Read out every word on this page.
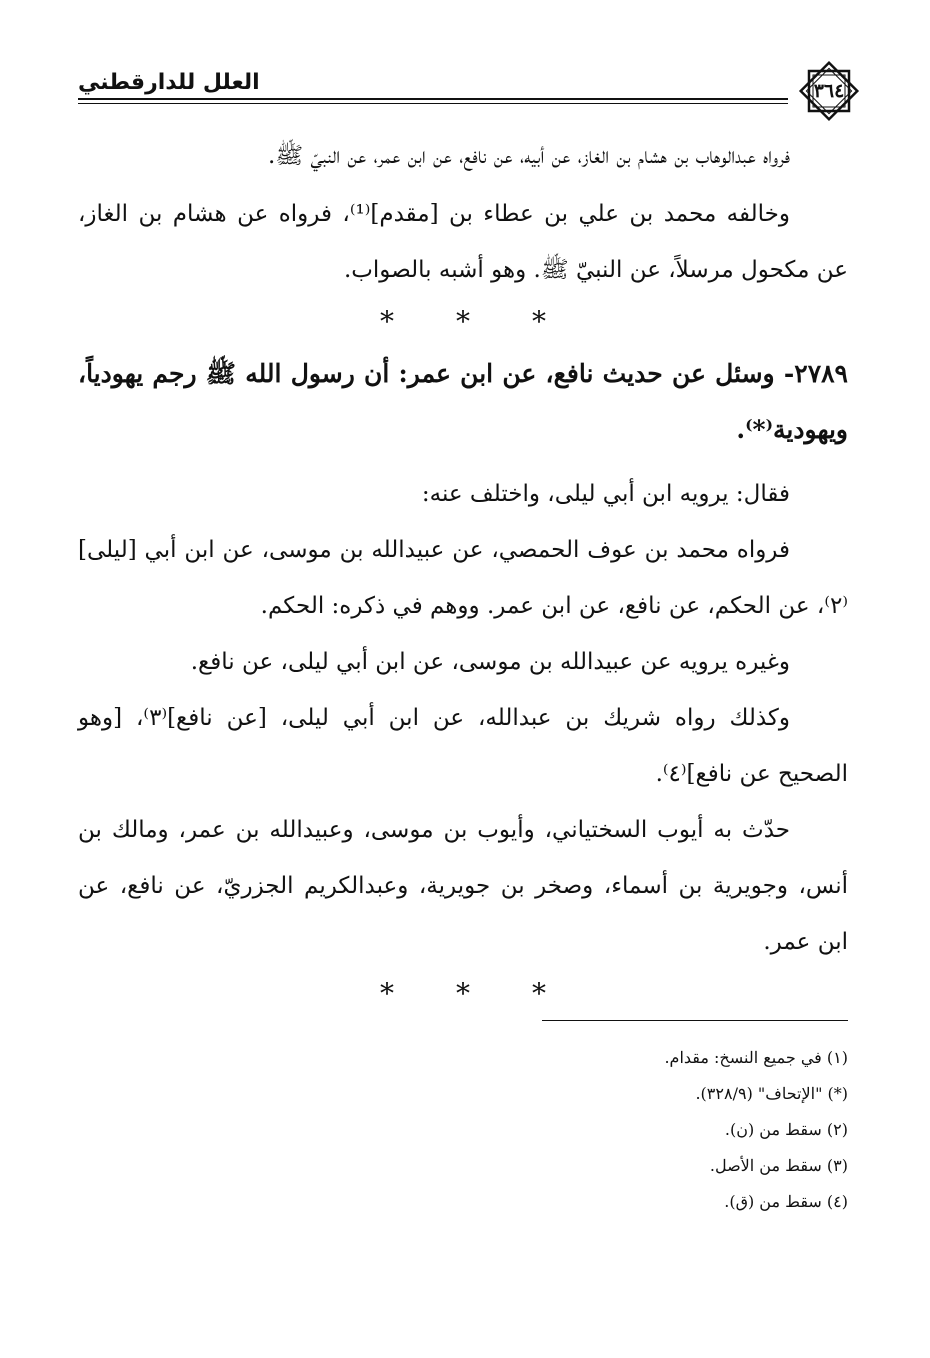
العلل للدارقطني	٣٦٤

فرواه عبدالوهاب بن هشام بن الغاز، عن أبيه، عن نافع، عن ابن عمر، عن النبيّ ﷺ.

وخالفه محمد بن علي بن عطاء بن [مقدم]⁽¹⁾، فرواه عن هشام بن الغاز، عن مكحول مرسلاً، عن النبيّ ﷺ. وهو أشبه بالصواب.

* * *

٢٧٨٩- وسئل عن حديث نافع، عن ابن عمر: أن رسول الله ﷺ رجم يهودياً، ويهودية⁽*⁾.

فقال: يرويه ابن أبي ليلى، واختلف عنه:

فرواه محمد بن عوف الحمصي، عن عبيدالله بن موسى، عن ابن أبي [ليلى]⁽٢⁾، عن الحكم، عن نافع، عن ابن عمر. ووهم في ذكره: الحكم.

وغيره يرويه عن عبيدالله بن موسى، عن ابن أبي ليلى، عن نافع.

وكذلك رواه شريك بن عبدالله، عن ابن أبي ليلى، [عن نافع]⁽٣⁾، [وهو الصحيح عن نافع]⁽٤⁾.

حدّث به أيوب السختياني، وأيوب بن موسى، وعبيدالله بن عمر، ومالك بن أنس، وجويرية بن أسماء، وصخر بن جويرية، وعبدالكريم الجزريّ، عن نافع، عن ابن عمر.

* * *

(١) في جميع النسخ: مقدام.

(*) "الإتحاف" (٣٢٨/٩).

(٢) سقط من (ن).

(٣) سقط من الأصل.

(٤) سقط من (ق).
